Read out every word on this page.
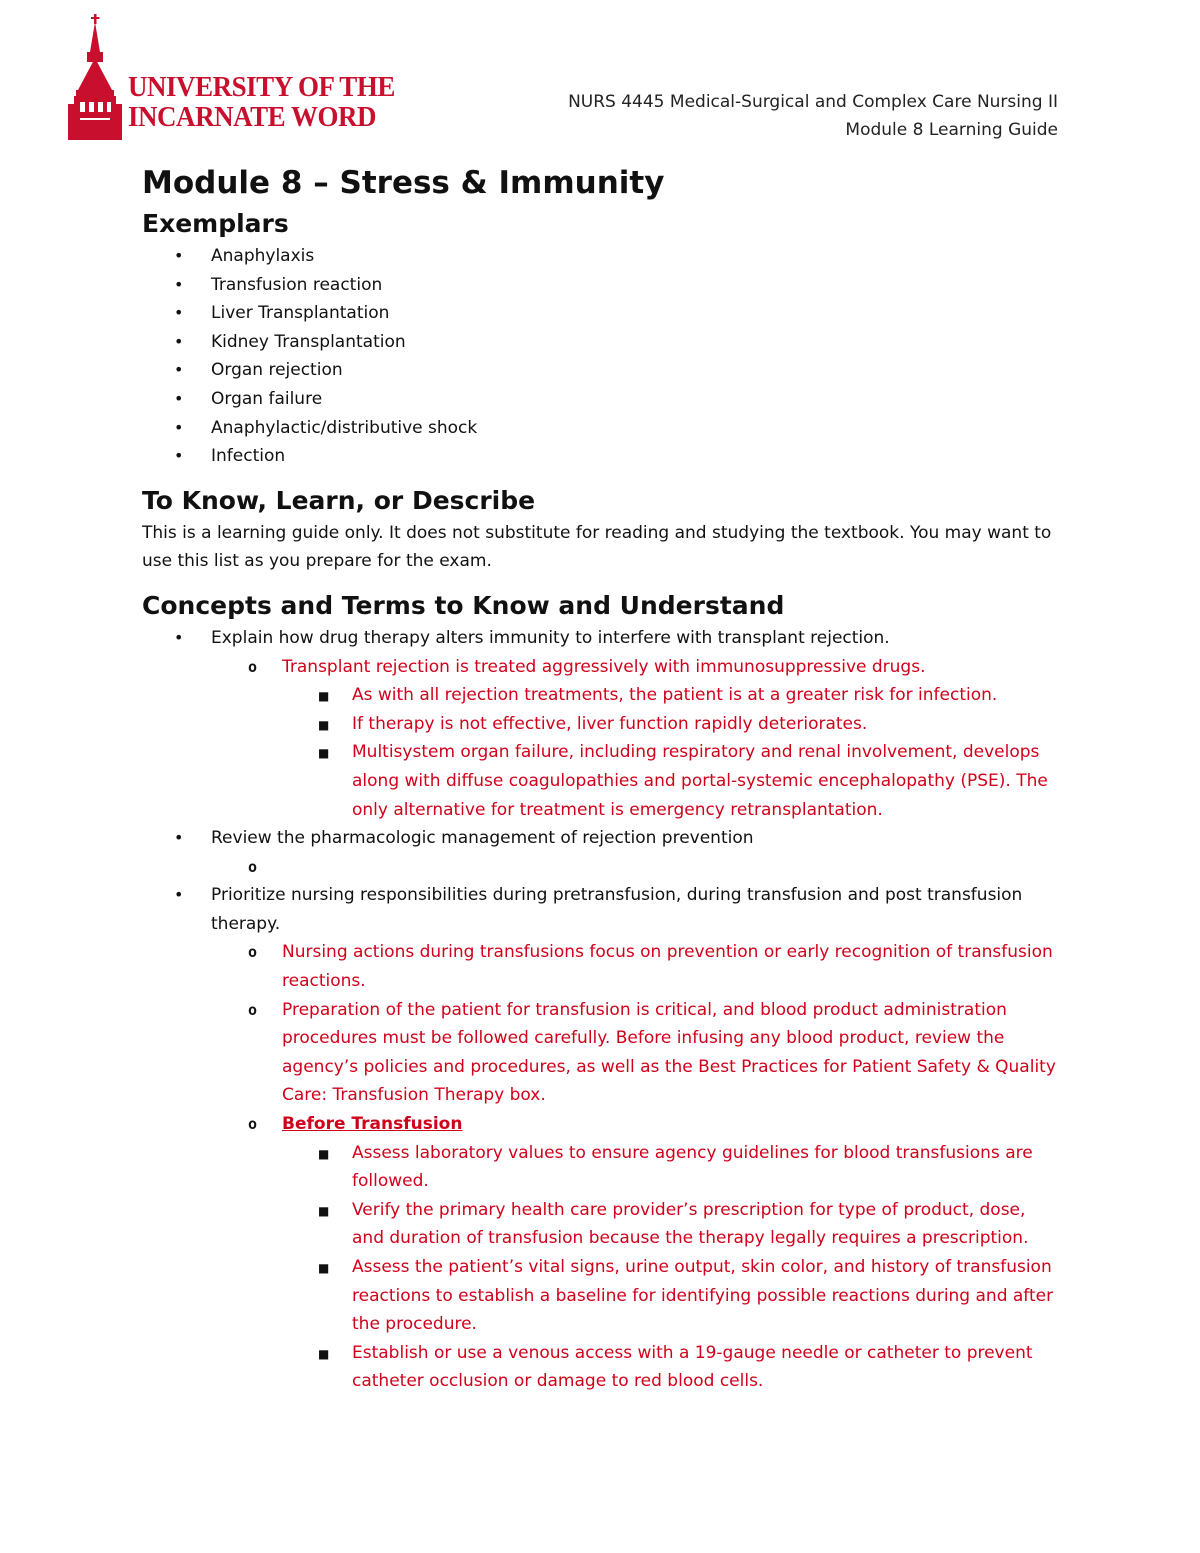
UNIVERSITY OF THE
INCARNATE WORD	NURS 4445 Medical-Surgical and Complex Care Nursing II
Module 8 Learning Guide
Module 8 – Stress & Immunity
Exemplars
• Anaphylaxis
• Transfusion reaction
• Liver Transplantation
• Kidney Transplantation
• Organ rejection
• Organ failure
• Anaphylactic/distributive shock
• Infection
To Know, Learn, or Describe

This is a learning guide only. It does not substitute for reading and studying the textbook. You may want to use this list as you prepare for the exam.

Concepts and Terms to Know and Understand
• Explain how drug therapy alters immunity to interfere with transplant rejection.
o Transplant rejection is treated aggressively with immunosuppressive drugs.
■ As with all rejection treatments, the patient is at a greater risk for infection.
■ If therapy is not effective, liver function rapidly deteriorates.
■ Multisystem organ failure, including respiratory and renal involvement, develops along with diffuse coagulopathies and portal-systemic encephalopathy (PSE). The only alternative for treatment is emergency retransplantation.
• Review the pharmacologic management of rejection prevention
o

• Prioritize nursing responsibilities during pretransfusion, during transfusion and post transfusion therapy.
o Nursing actions during transfusions focus on prevention or early recognition of transfusion reactions.
o Preparation of the patient for transfusion is critical, and blood product administration procedures must be followed carefully. Before infusing any blood product, review the agency’s policies and procedures, as well as the Best Practices for Patient Safety & Quality Care: Transfusion Therapy box.
o Before Transfusion
■ Assess laboratory values to ensure agency guidelines for blood transfusions are followed.
■ Verify the primary health care provider’s prescription for type of product, dose, and duration of transfusion because the therapy legally requires a prescription.
■ Assess the patient’s vital signs, urine output, skin color, and history of transfusion reactions to establish a baseline for identifying possible reactions during and after the procedure.
■ Establish or use a venous access with a 19-gauge needle or catheter to prevent catheter occlusion or damage to red blood cells.
